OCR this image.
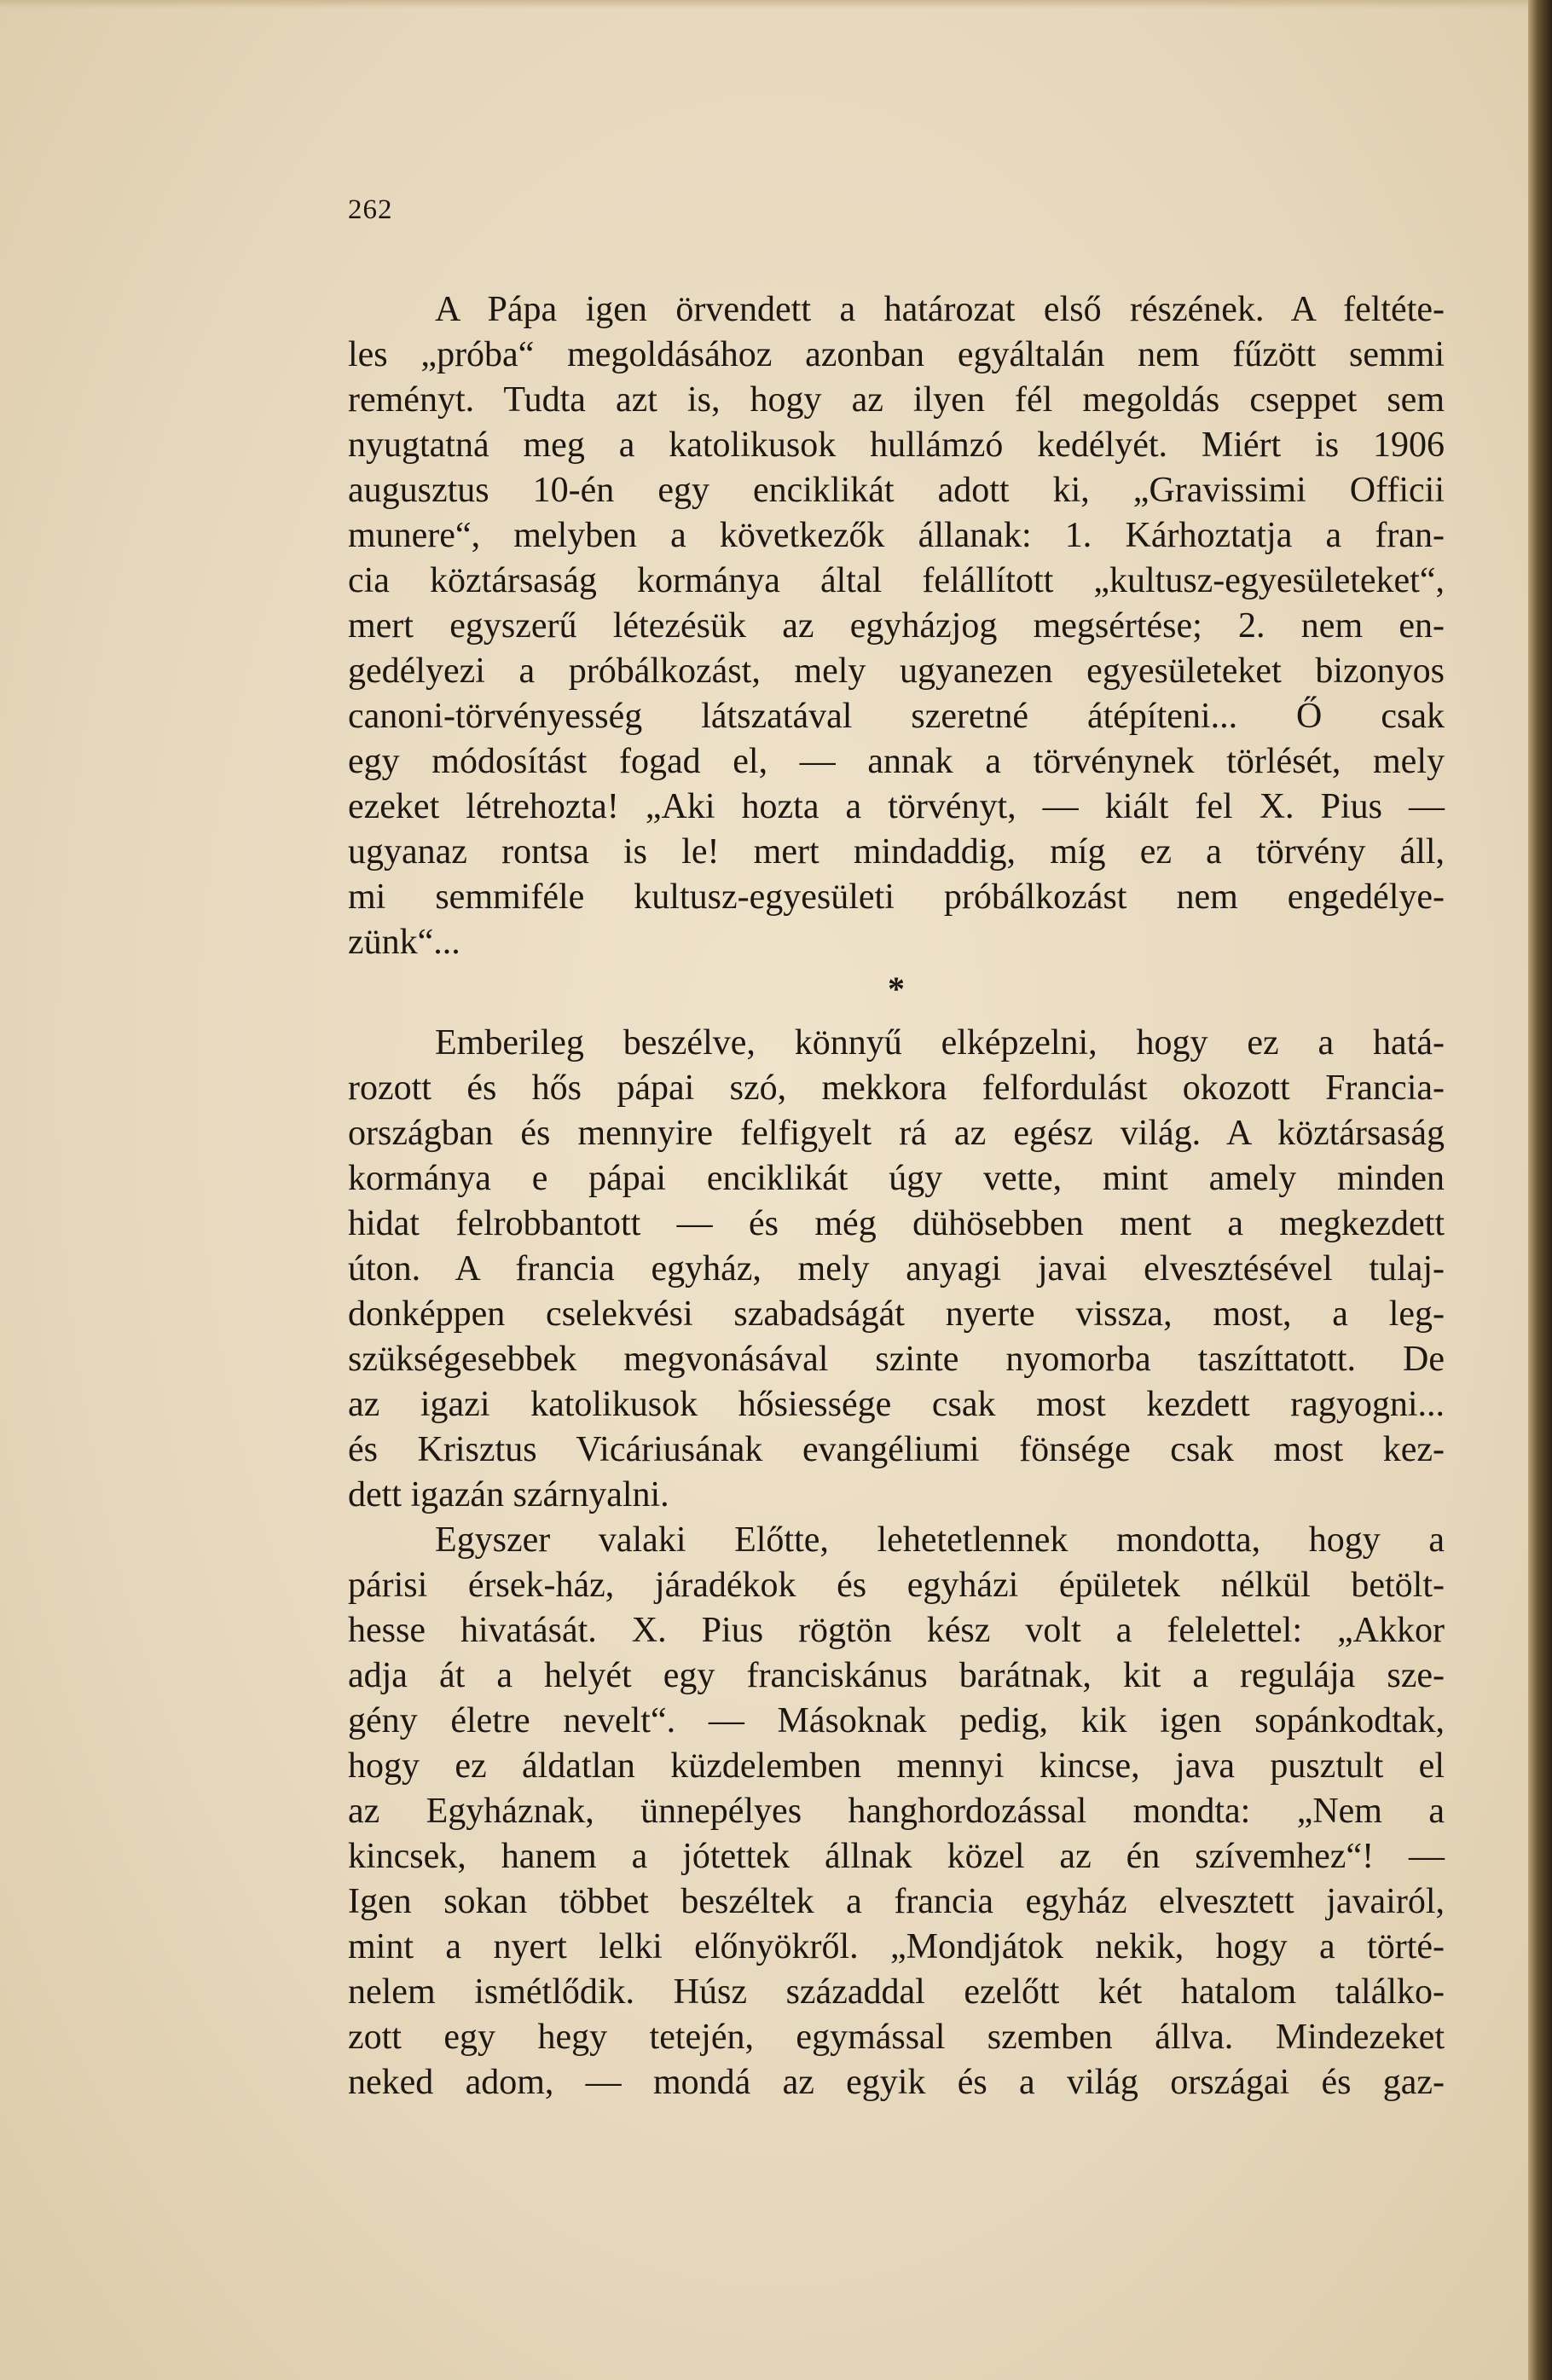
262
A Pápa igen örvendett a határozat első részének. A feltéte-
les „próba“ megoldásához azonban egyáltalán nem fűzött semmi
reményt. Tudta azt is, hogy az ilyen fél megoldás cseppet sem
nyugtatná meg a katolikusok hullámzó kedélyét. Miért is 1906
augusztus 10-én egy enciklikát adott ki, „Gravissimi Officii
munere“, melyben a következők állanak: 1. Kárhoztatja a fran-
cia köztársaság kormánya által felállított „kultusz-egyesületeket“,
mert egyszerű létezésük az egyházjog megsértése; 2. nem en-
gedélyezi a próbálkozást, mely ugyanezen egyesületeket bizonyos
canoni-törvényesség látszatával szeretné átépíteni... Ő csak
egy módosítást fogad el, — annak a törvénynek törlését, mely
ezeket létrehozta! „Aki hozta a törvényt, — kiált fel X. Pius —
ugyanaz rontsa is le! mert mindaddig, míg ez a törvény áll,
mi semmiféle kultusz-egyesületi próbálkozást nem engedélye-
zünk“...
*
Emberileg beszélve, könnyű elképzelni, hogy ez a hatá-
rozott és hős pápai szó, mekkora felfordulást okozott Francia-
országban és mennyire felfigyelt rá az egész világ. A köztársaság
kormánya e pápai enciklikát úgy vette, mint amely minden
hidat felrobbantott — és még dühösebben ment a megkezdett
úton. A francia egyház, mely anyagi javai elvesztésével tulaj-
donképpen cselekvési szabadságát nyerte vissza, most, a leg-
szükségesebbek megvonásával szinte nyomorba taszíttatott. De
az igazi katolikusok hősiessége csak most kezdett ragyogni...
és Krisztus Vicáriusának evangéliumi fönsége csak most kez-
dett igazán szárnyalni.
Egyszer valaki Előtte, lehetetlennek mondotta, hogy a
párisi érsek-ház, járadékok és egyházi épületek nélkül betölt-
hesse hivatását. X. Pius rögtön kész volt a felelettel: „Akkor
adja át a helyét egy franciskánus barátnak, kit a regulája sze-
gény életre nevelt“. — Másoknak pedig, kik igen sopánkodtak,
hogy ez áldatlan küzdelemben mennyi kincse, java pusztult el
az Egyháznak, ünnepélyes hanghordozással mondta: „Nem a
kincsek, hanem a jótettek állnak közel az én szívemhez“! —
Igen sokan többet beszéltek a francia egyház elvesztett javairól,
mint a nyert lelki előnyökről. „Mondjátok nekik, hogy a törté-
nelem ismétlődik. Húsz századdal ezelőtt két hatalom találko-
zott egy hegy tetején, egymással szemben állva. Mindezeket
neked adom, — mondá az egyik és a világ országai és gaz-
